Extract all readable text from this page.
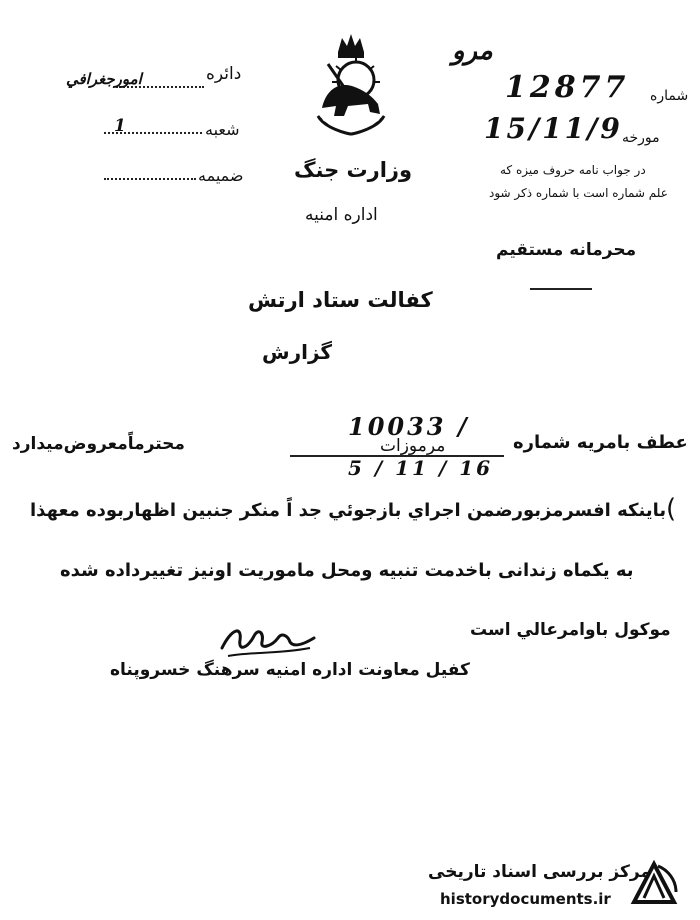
دائره
امورجغرافي
شعبه
1
ضميمه وزارت جنگ
اداره امنيه
شماره
12877
مرو
مورخه
15/11/9
در جواب نامه حروف ميزه كه
علم شماره است با شماره ذكر شود
محرمانه مستقيم
كفالت ستاد ارتش
گزارش
عطف بامريه شماره
10033 /
5 / 11 / 16
مرموزات
محترماًمعروض‌ميدارد
باينكه افسرمزبورضمن اجراي بازجوئي جد اً منكر جنبين اظهاربوده معهذا (
به يكماه زندانى باخدمت تنبيه ومحل ماموريت اونيز تغييرداده شده
موكول باوامرعالي است
كفيل معاونت اداره امنيه سرهنگ خسروپناه
مرکز بررسی اسناد تاریخی
historydocuments.ir
